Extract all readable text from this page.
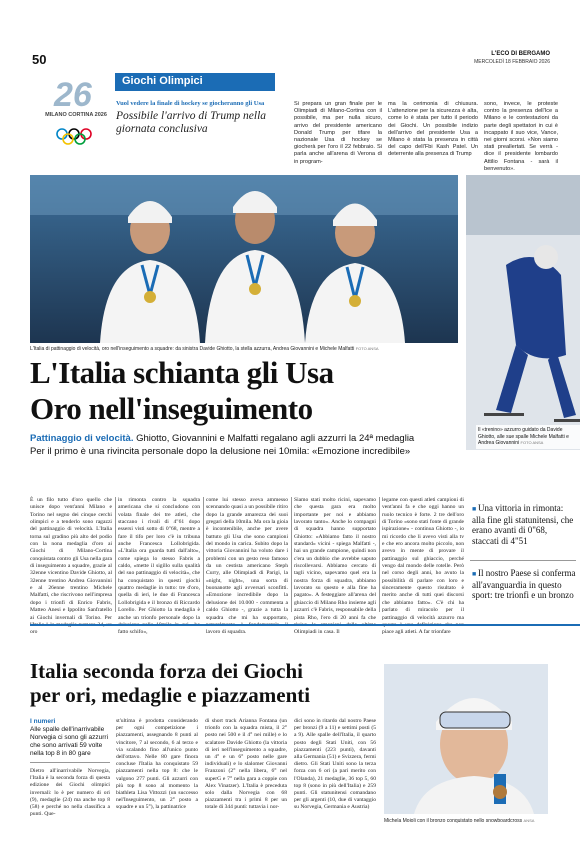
50	L'ECO DI BERGAMO
MERCOLEDÌ 18 FEBBRAIO 2026
26
MILANO CORTINA 2026
Giochi Olimpici
Vuol vedere la finale di hockey se giocheranno gli Usa
Possibile l'arrivo di Trump nella giornata conclusiva
Si prepara un gran finale per le Olimpiadi di Milano-Cortina con il possibile, ma per nulla sicuro, arrivo del presidente americano Donald Trump per tifare la nazionale Usa di hockey se giocherà per l'oro il 22 febbraio. Si parla anche all'arena di Verona di in program-
ma la cerimonia di chiusura. L'attenzione per la sicurezza è alta, come lo è stata per tutto il periodo dei Giochi. Un possibile indizio dell'arrivo del presidente Usa a Milano è stata la presenza in città del capo dell'Fbi Kash Patel. Un deterrente alla presenza di Trump
sono, invece, le proteste contro la presenza dell'Ice a Milano e le contestazioni da parte degli spettatori in cui è incappato il suo vice, Vance, nei giorni scorsi. «Non siamo stati preallertati. Se verrà - dice il presidente lombardo Attilio Fontana - sarà il benvenuto».
Il «trenino» azzurro guidato da Davide Ghiotto, alle sue spalle Michele Malfatti e Andrea Giovannini FOTO ANSA
L'Italia di pattinaggio di velocità, oro nell'inseguimento a squadre: da sinistra Davide Ghiotto, la stella azzurra, Andrea Giovannini e Michele Malfatti FOTO ANSA
L'Italia schianta gli Usa
Oro nell'inseguimento
Pattinaggio di velocità. Ghiotto, Giovannini e Malfatti regalano agli azzurri la 24ª medaglia
Per il primo è una rivincita personale dopo la delusione nei 10mila: «Emozione incredibile»
È un filo tutto d'oro quello che unisce dopo vent'anni Milano e Torino nel segno dei cinque cerchi olimpici e a tenderlo sono ragazzi del pattinaggio di velocità. L'Italia torna sul gradino più alto del podio con la nona medaglia d'oro ai Giochi di Milano-Cortina conquistata contro gli Usa nella gara di inseguimento a squadre, grazie al 32enne vicentino Davide Ghiotto, al 32enne trentino Andrea Giovannini e al 26enne trentino Michele Malfatti, che riscrivono nell'impresa dopo i trionfi di Enrico Fabris, Matteo Anesi e Ippolito Sanfratello ai Giochi invernali di Torino. Per oro
in rimonta contro la squadra americana che si concludono con volata finale dei tre atleti, che staccano i rivali di 4"61 dopo essersi visti sotto di 0"68, mentre a fare il tifo per loro c'è in tribuna anche Francesca Lollobrigida. «L'Italia ora guarda tutti dall'alto», come spiega lo stesso Fabris a caldo, «mette il sigillo sulla qualità del suo pattinaggio di velocità», che ha conquistato in questi giochi quattro medaglie in tutto: tre d'oro, quella di ieri, le due di Francesca Lollobrigida e il bronzo di Riccardo Lorello. Per Ghiotto la medaglia è anche un trionfo personale dopo la fatto schifo»,
come lui stesso aveva ammesso scennando quasi a un possibile ritiro dopo la grande amarezza dei suoi gregari della 10mila. Ma ora la gioia è incontenibile, anche per avere battuto gli Usa che sono campioni del mondo in carica. Subito dopo la vittoria Giovannini ha voluto dare i problemi con un gesto reso famoso da un cestista americano Steph Curry, alle Olimpiadi di Parigi, la «night, night», una sorta di buonanotte agli avversari sconfitti. «Emozione incredibile dopo la delusione dei 10.000 - commenta a caldo Ghiotto -, grazie a tutta la squadra che mi ha supportato, lavoro di squadra.
Siamo stati molto ricini, sapevamo che questa gara era molto importante per noi e abbiamo lavorato tanto». Anche lo compagni di squadra hanno supportato Ghiotto: «Abbiamo fatto il nostro standard» vicini - spiega Malfatti -, hai un grande campione, quindi non c'era un dubbio che avrebbe saputo riscollevarsi. Abbiamo cercato di tagli vicino, sapevamo quel era la nostra forza di squadra, abbiamo lavorato su questo e alla fine ha pagato». A festeggiare all'arena del ghiaccio di Milano Rho insieme agli azzurri c'è Fabris, responsabile della pista Rho, l'ero di 20 anni fa che Olimpiadi in casa. Il
legame con questi atleti campioni di vent'anni fa e che oggi hanno un ruolo tecnico è forte. 2 tre dell'oro di Torino «sono stati fonte di grande ispirazione» - continua Ghiotto -, io mi ricordo che li avevo visti alla tv e che ero ancora molto piccolo, non avevo in mente di provare il pattinaggio sul ghiaccio, perché vengo dal mondo delle rotelle. Però nel corso degli anni, ho avuto la possibilità di parlare con loro e sinceramente questo risultato è merito anche di tutti quei discorsi che abbiamo fatto». C'è chi ha parlato di miracolo per il pattinaggio di velocità azzurro ma piace agli atleti. A far trionfare
■ Una vittoria in rimonta: alla fine gli statunitensi, che erano avanti di 0"68, staccati di 4"51
■ Il nostro Paese si conferma all'avanguardia in questo sport: tre trionfi e un bronzo
Italia seconda forza dei Giochi
per ori, medaglie e piazzamenti
I numeri
Alle spalle dell'inarrivabile Norvegia ci sono gli azzurri che sono arrivati 59 volte nella top 8 in 80 gare
Dietro all'inarrivabile Norvegia, l'Italia è la seconda forza di questa edizione dei Giochi olimpici invernali: lo è per numero di ori (9), medaglie (24) ma anche top 8 (58) e perché no nella classifica a punti. Que-
st'ultima è prodotta considerando per ogni competizione i piazzamenti, assegnando 8 punti al vincitore, 7 al secondo, 6 al terzo e via scalando fino all'unico punto dell'ottavo. Nelle 80 gare finora concluse l'Italia ha conquistato 59 piazzamenti nella top 8: che le valgono 277 punti. Gli azzurri con più top 8 sono al momento la biathleta Lisa Vittozzi (un successo nel'Inseguimento, un 2° posto a squadre e un 5°), la pattinatrice
di short track Arianna Fontana (un trionfo con la squadra mista, il 2° posto nei 500 e il 4° nei mille) e lo scalatore Davide Ghiotto (la vittoria di ieri nell'inseguimento a squadre, un 4° e un 6° posto nelle gare individuali) e lo slalomer Giovanni Franzoni (2° nella libera, 6° nel superG e 7° nella gara a coppie con Alex Vinatzer). L'Italia è preceduta solo dalla Norvegia con 68 piazzamenti tra i primi 8 per un totale di 344 punti: tuttavia i nor-
dici sono in ritardo dal nostro Paese per bronzi (9 a 11) e settimi posti (5 a 9). Alle spalle dell'Italia, il quarto posto degli Stati Uniti, con 56 piazzamenti (223 punti), davanti alla Germania (51) e Svizzera, fermi dietro. Gli Stati Uniti sono la terza forza con 6 ori (a pari merito con l'Olanda), 21 medaglie, 36 top 5, 60 top 8 (sono in più dell'Italia) e 259 punti. Gli statunitensi comandano per gli argenti (10, due di vantaggio su Norvegia, Germania e Austria)
Michela Moioli con il bronzo conquistato nello snowboardcross ANSA
